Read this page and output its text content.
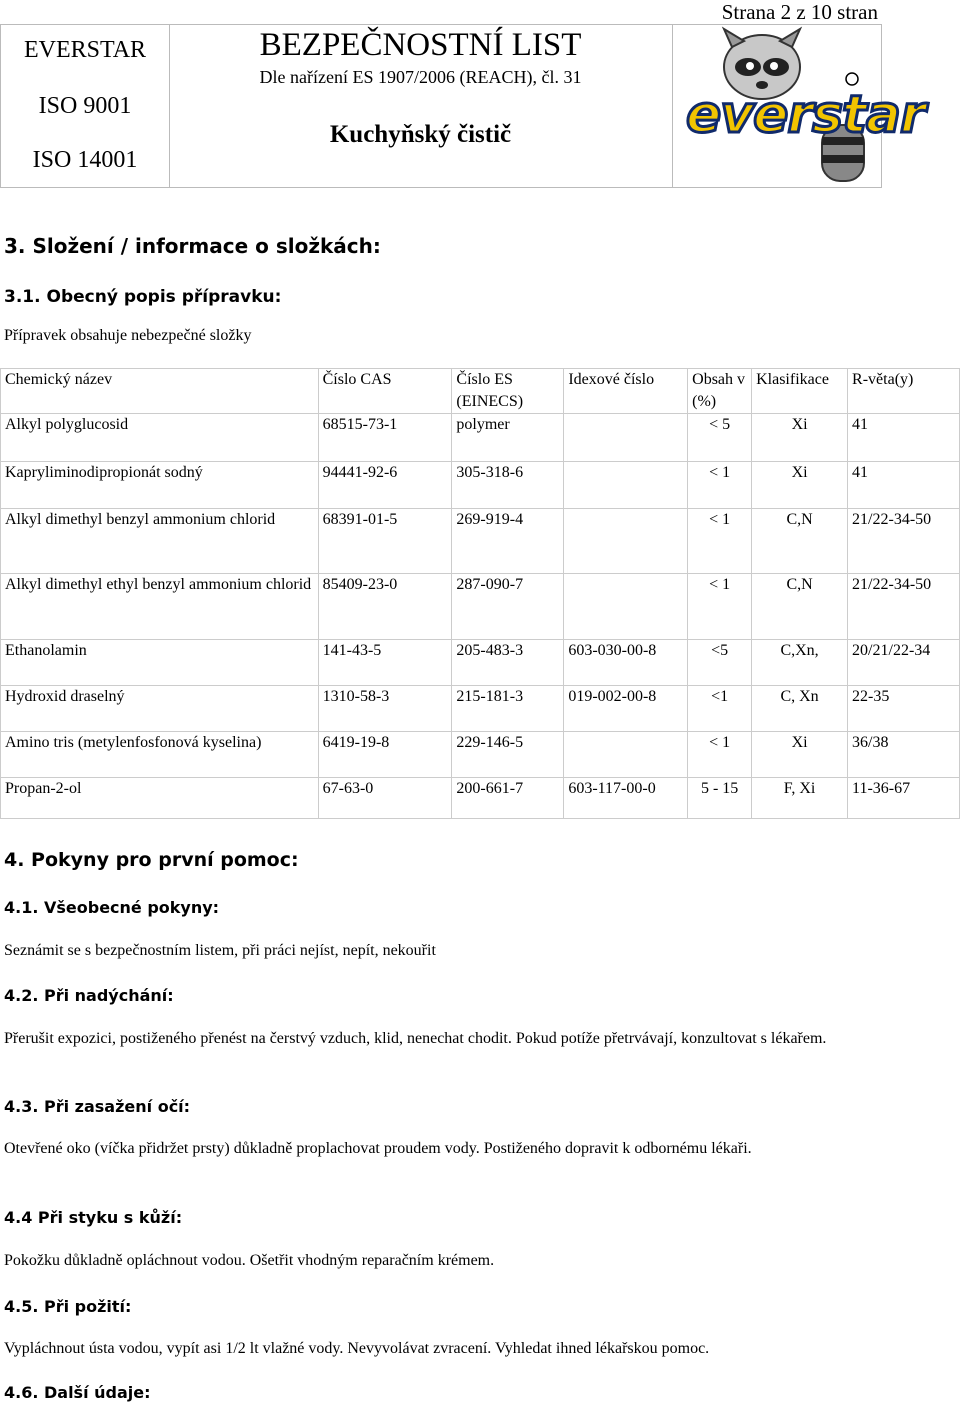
Strana 2 z 10 stran
EVERSTAR
ISO 9001
ISO 14001
BEZPEČNOSTNÍ LIST
Dle nařízení ES 1907/2006 (REACH), čl. 31
Kuchyňský čistič	everstar
3. Složení / informace o složkách:
3.1. Obecný popis přípravku:
Přípravek obsahuje nebezpečné složky
Chemický název	Číslo CAS	Číslo ES (EINECS)	Idexové číslo	Obsah v (%)	Klasifikace	R-věta(y)
Alkyl polyglucosid	68515-73-1	polymer		< 5	Xi	41
Kapryliminodipropionát sodný	94441-92-6	305-318-6		< 1	Xi	41
Alkyl dimethyl benzyl ammonium chlorid	68391-01-5	269-919-4		< 1	C,N	21/22-34-50
Alkyl dimethyl ethyl benzyl ammonium chlorid	85409-23-0	287-090-7		< 1	C,N	21/22-34-50
Ethanolamin	141-43-5	205-483-3	603-030-00-8	<5	C,Xn,	20/21/22-34
Hydroxid draselný	1310-58-3	215-181-3	019-002-00-8	<1	C, Xn	22-35
Amino tris (metylenfosfonová kyselina)	6419-19-8	229-146-5		< 1	Xi	36/38
Propan-2-ol	67-63-0	200-661-7	603-117-00-0	5 - 15	F, Xi	11-36-67
4. Pokyny pro první pomoc:
4.1. Všeobecné pokyny:
Seznámit se s bezpečnostním listem, při práci nejíst, nepít, nekouřit
4.2. Při nadýchání:
Přerušit expozici, postiženého přenést na čerstvý vzduch, klid, nenechat chodit. Pokud potíže přetrvávají, konzultovat s lékařem.
4.3. Při zasažení očí:
Otevřené oko (víčka přidržet prsty) důkladně proplachovat proudem vody. Postiženého dopravit k odbornému lékaři.
4.4 Při styku s kůží:
Pokožku důkladně opláchnout vodou. Ošetřit vhodným reparačním krémem.
4.5. Při požití:
Vypláchnout ústa vodou, vypít asi 1/2 lt vlažné vody. Nevyvolávat zvracení. Vyhledat ihned lékařskou pomoc.
4.6. Další údaje:
